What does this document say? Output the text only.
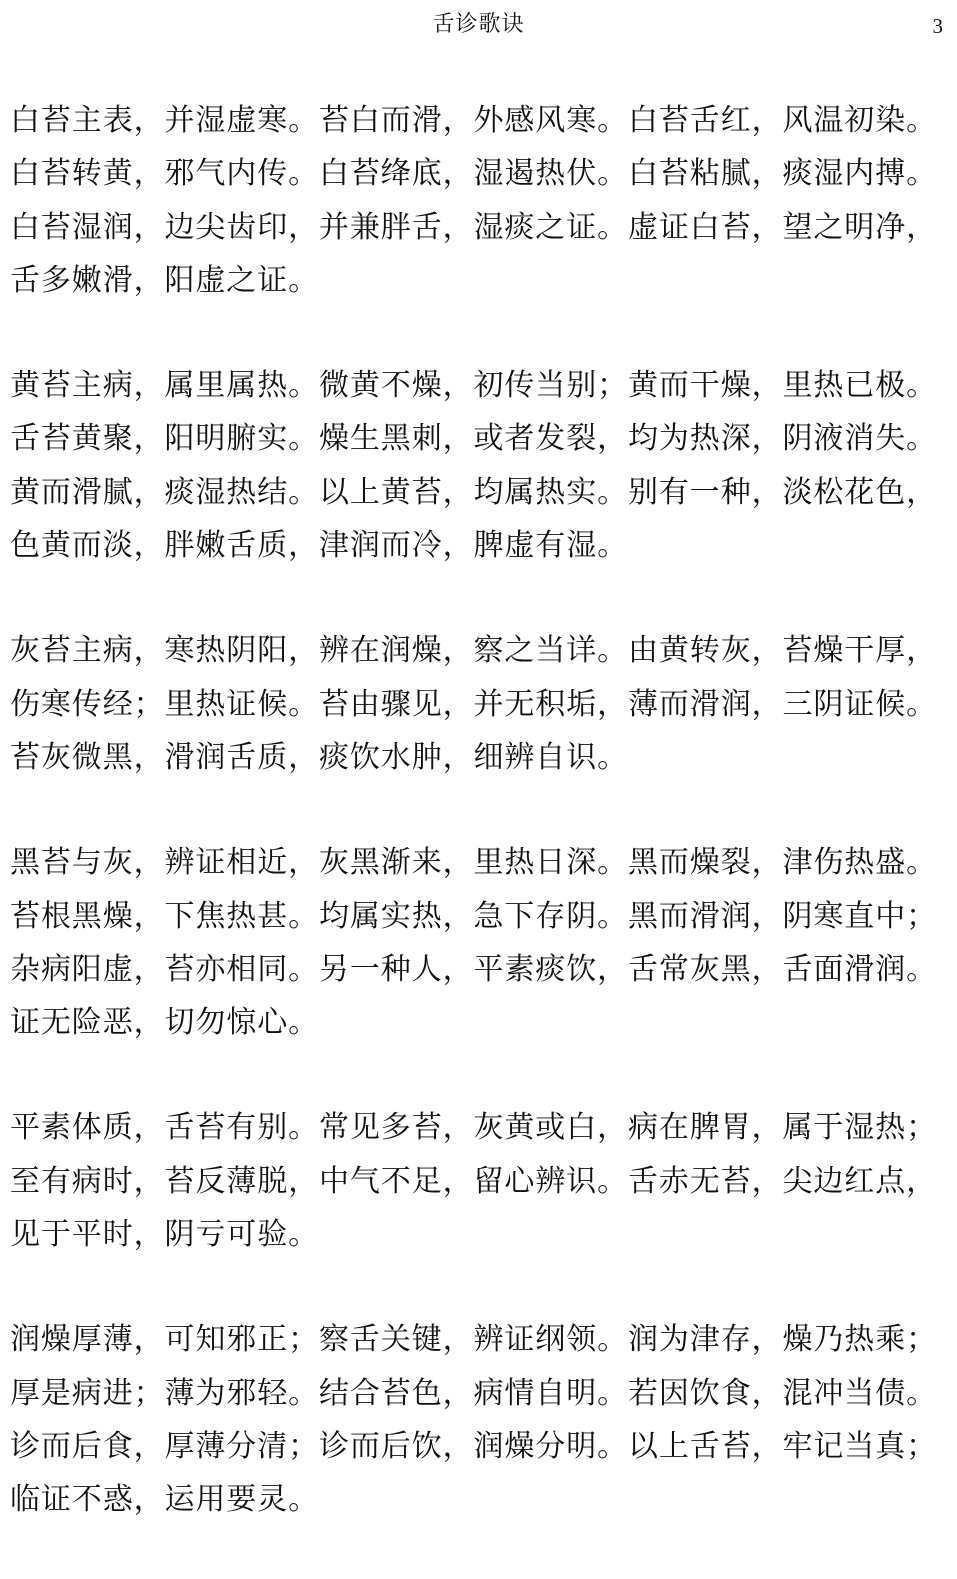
舌诊歌诀	3
白苔主表，并湿虚寒。苔白而滑，外感风寒。白苔舌红，风温初染。
白苔转黄，邪气内传。白苔绛底，湿遏热伏。白苔粘腻，痰湿内搏。
白苔湿润，边尖齿印，并兼胖舌，湿痰之证。虚证白苔，望之明净，
舌多嫩滑，阳虚之证。
黄苔主病，属里属热。微黄不燥，初传当别；黄而干燥，里热已极。
舌苔黄聚，阳明腑实。燥生黑刺，或者发裂，均为热深，阴液消失。
黄而滑腻，痰湿热结。以上黄苔，均属热实。别有一种，淡松花色，
色黄而淡，胖嫩舌质，津润而冷，脾虚有湿。
灰苔主病，寒热阴阳，辨在润燥，察之当详。由黄转灰，苔燥干厚，
伤寒传经；里热证候。苔由骤见，并无积垢，薄而滑润，三阴证候。
苔灰微黑，滑润舌质，痰饮水肿，细辨自识。
黑苔与灰，辨证相近，灰黑渐来，里热日深。黑而燥裂，津伤热盛。
苔根黑燥，下焦热甚。均属实热，急下存阴。黑而滑润，阴寒直中；
杂病阳虚，苔亦相同。另一种人，平素痰饮，舌常灰黑，舌面滑润。
证无险恶，切勿惊心。
平素体质，舌苔有别。常见多苔，灰黄或白，病在脾胃，属于湿热；
至有病时，苔反薄脱，中气不足，留心辨识。舌赤无苔，尖边红点，
见于平时，阴亏可验。
润燥厚薄，可知邪正；察舌关键，辨证纲领。润为津存，燥乃热乘；
厚是病进；薄为邪轻。结合苔色，病情自明。若因饮食，混冲当债。
诊而后食，厚薄分清；诊而后饮，润燥分明。以上舌苔，牢记当真；
临证不惑，运用要灵。
